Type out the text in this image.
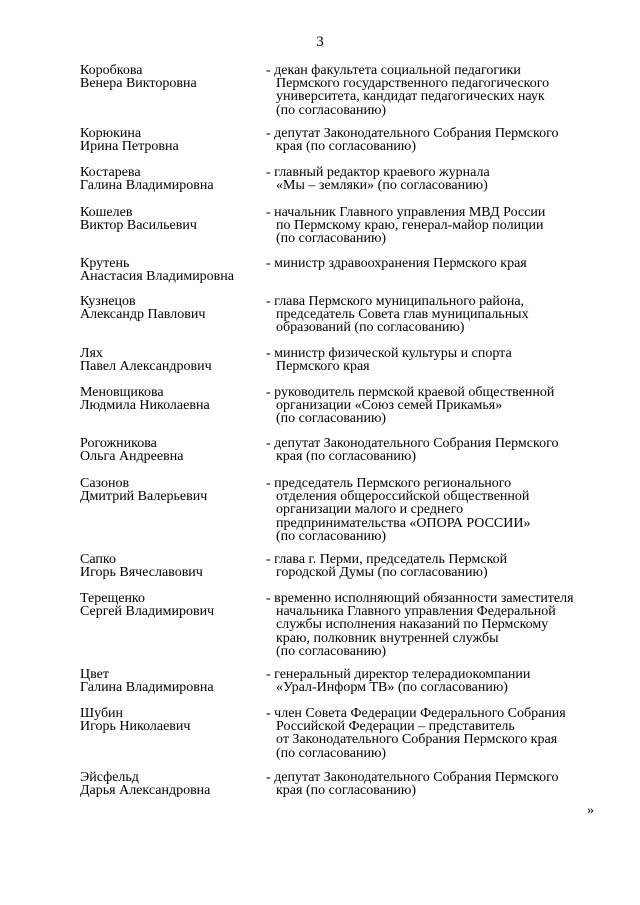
3
Коробкова
Венера Викторовна
- декан факультета социальной педагогики
Пермского государственного педагогического
университета, кандидат педагогических наук
(по согласованию)
Корюкина
Ирина Петровна
- депутат Законодательного Собрания Пермского
края (по согласованию)
Костарева
Галина Владимировна
- главный редактор краевого журнала
«Мы – земляки» (по согласованию)
Кошелев
Виктор Васильевич
- начальник Главного управления МВД России
по Пермскому краю, генерал-майор полиции
(по согласованию)
Крутень
Анастасия Владимировна
- министр здравоохранения Пермского края
Кузнецов
Александр Павлович
- глава Пермского муниципального района,
председатель Совета глав муниципальных
образований (по согласованию)
Лях
Павел Александрович
- министр физической культуры и спорта
Пермского края
Меновщикова
Людмила Николаевна
- руководитель пермской краевой общественной
организации «Союз семей Прикамья»
(по согласованию)
Рогожникова
Ольга Андреевна
- депутат Законодательного Собрания Пермского
края (по согласованию)
Сазонов
Дмитрий Валерьевич
- председатель Пермского регионального
отделения общероссийской общественной
организации малого и среднего
предпринимательства «ОПОРА РОССИИ»
(по согласованию)
Сапко
Игорь Вячеславович
- глава г. Перми, председатель Пермской
городской Думы (по согласованию)
Терещенко
Сергей Владимирович
- временно исполняющий обязанности заместителя
начальника Главного управления Федеральной
службы исполнения наказаний по Пермскому
краю, полковник внутренней службы
(по согласованию)
Цвет
Галина Владимировна
- генеральный директор телерадиокомпании
«Урал-Информ ТВ» (по согласованию)
Шубин
Игорь Николаевич
- член Совета Федерации Федерального Собрания
Российской Федерации – представитель
от Законодательного Собрания Пермского края
(по согласованию)
Эйсфельд
Дарья Александровна
- депутат Законодательного Собрания Пермского
края (по согласованию)
»
